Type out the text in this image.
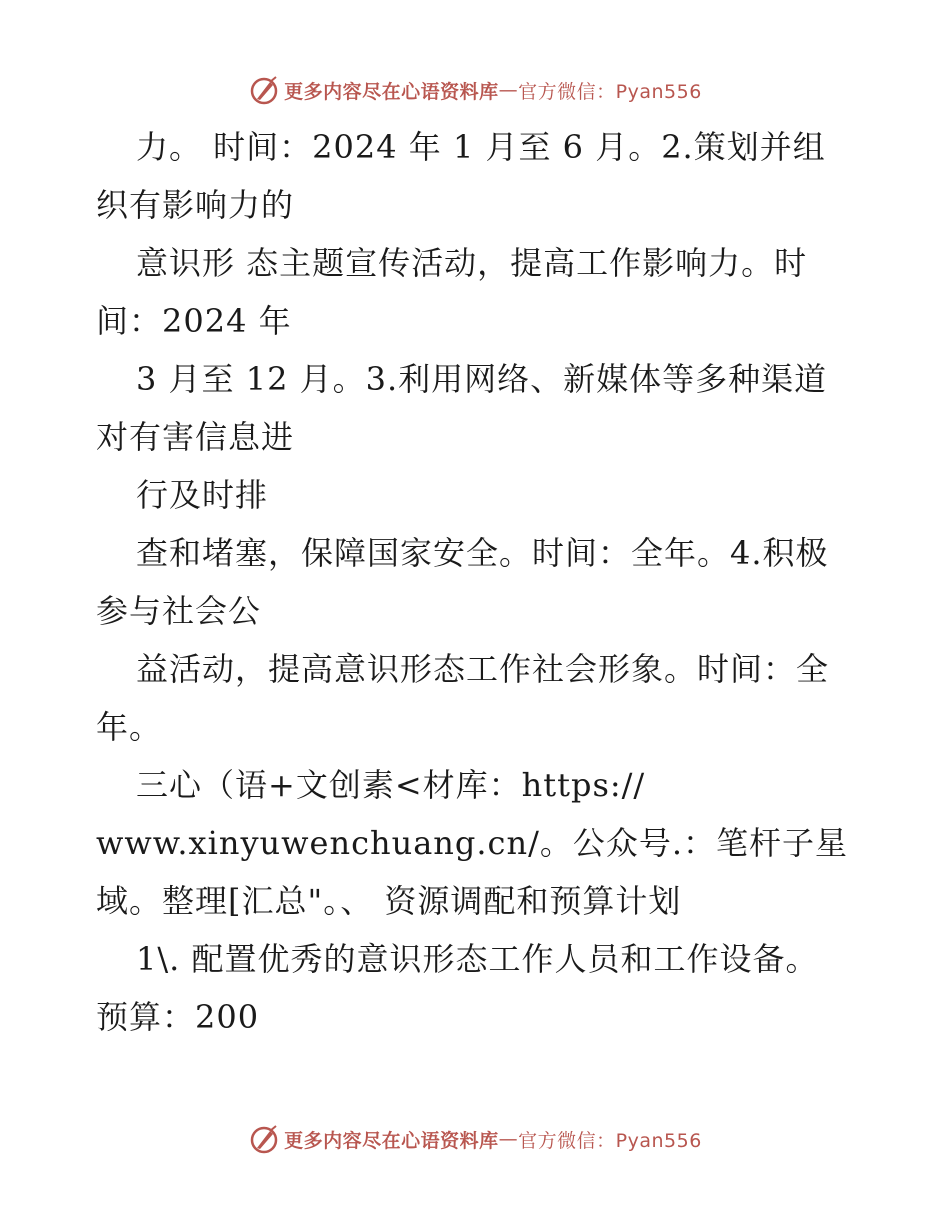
更多内容尽在心语资料库 — 官方微信：Pyan556
力。 时间：2024 年 1 月至 6 月。2.策划并组
织有影响力的
意识形 态主题宣传活动，提高工作影响力。时
间：2024 年
3 月至 12 月。3.利用网络、新媒体等多种渠道
对有害信息进
行及时排
查和堵塞，保障国家安全。时间：全年。4.积极
参与社会公
益活动，提高意识形态工作社会形象。时间：全
年。
三心（语+文创素<材库：https://
www.xinyuwenchuang.cn/。公众号.：笔杆子星
域。整理[汇总"。、 资源调配和预算计划
1\. 配置优秀的意识形态工作人员和工作设备。
预算：200
更多内容尽在心语资料库 — 官方微信：Pyan556
